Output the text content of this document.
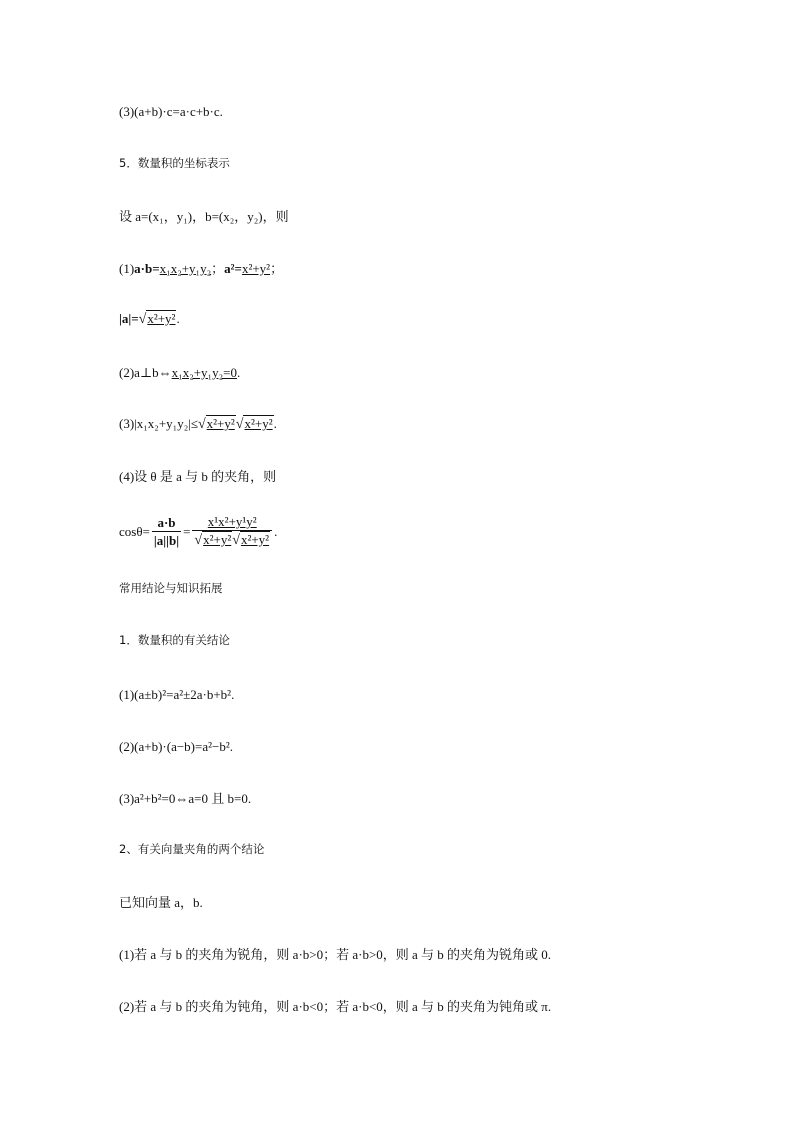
(3)(a+b)·c=a·c+b·c.
5．数量积的坐标表示
设 a=(x₁，y₁)，b=(x₂，y₂)，则
(1)a·b=x₁x₂+y₁y₂；a²=x²+y²；
|a|=√x²+y².
(2)a⊥b⇔x₁x₂+y₁y₂=0.
(3)|x₁x₂+y₁y₂|≤√x²+y²√x²+y².
(4)设 θ 是 a 与 b 的夹角，则
$\cos\theta= \frac{a\cdot b}{|a||b|} = \frac{\text{x¹x²+y¹y²}}{\text{√x²+y²√x²+y²}}$ .
常用结论与知识拓展
1．数量积的有关结论
(1)(a±b)²=a²±2a·b+b².
(2)(a+b)·(a−b)=a²−b².
(3)a²+b²=0⇔a=0 且 b=0.
2、有关向量夹角的两个结论
已知向量 a，b.
(1)若 a 与 b 的夹角为锐角，则 a·b>0；若 a·b>0，则 a 与 b 的夹角为锐角或 0.
(2)若 a 与 b 的夹角为钝角，则 a·b<0；若 a·b<0，则 a 与 b 的夹角为钝角或 π.
